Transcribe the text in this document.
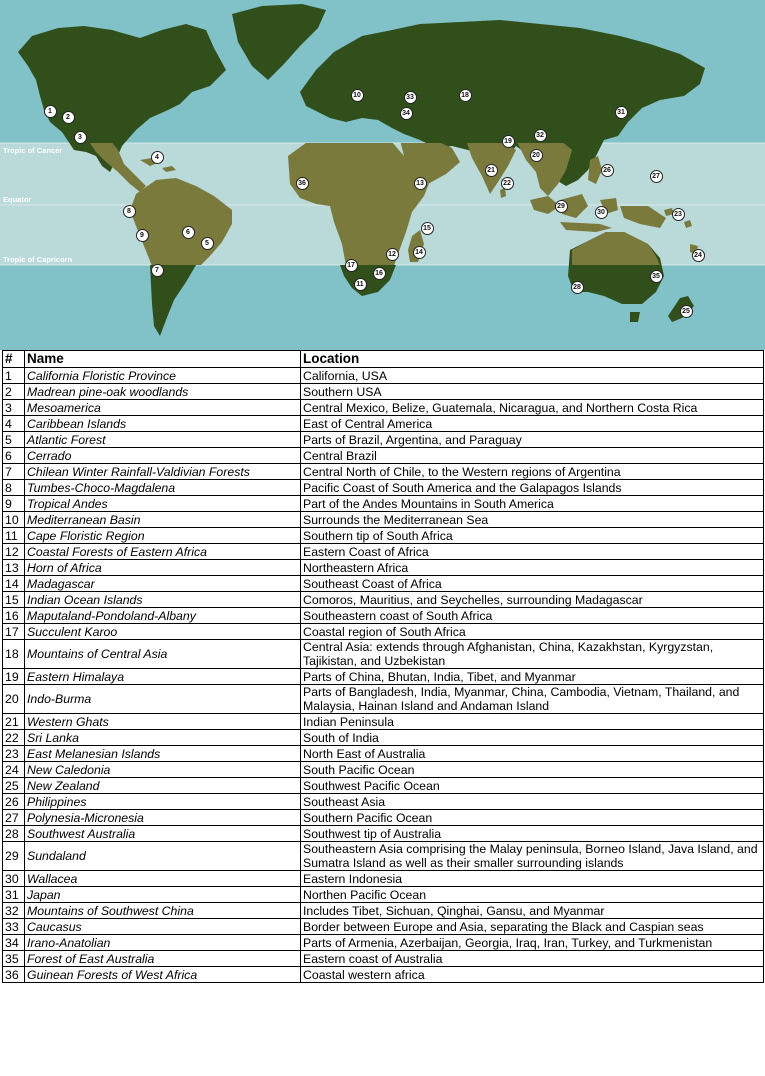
Tropic of Cancer
Equator
Tropic of Capricorn
1
2
3
4
5
6
7
8
9
10
11
12
13
14
15
16
17
18
19
20
21
22
23
24
25
26
27
28
29
30
31
32
33
34
35
36
#	Name	Location
1	California Floristic Province	California, USA
2	Madrean pine-oak woodlands	Southern USA
3	Mesoamerica	Central Mexico, Belize, Guatemala, Nicaragua, and Northern Costa Rica
4	Caribbean Islands	East of Central America
5	Atlantic Forest	Parts of Brazil, Argentina, and Paraguay
6	Cerrado	Central Brazil
7	Chilean Winter Rainfall-Valdivian Forests	Central North of Chile, to the Western regions of Argentina
8	Tumbes-Choco-Magdalena	Pacific Coast of South America and the Galapagos Islands
9	Tropical Andes	Part of the Andes Mountains in South America
10	Mediterranean Basin	Surrounds the Mediterranean Sea
11	Cape Floristic Region	Southern tip of South Africa
12	Coastal Forests of Eastern Africa	Eastern Coast of Africa
13	Horn of Africa	Northeastern Africa
14	Madagascar	Southeast Coast of Africa
15	Indian Ocean Islands	Comoros, Mauritius, and Seychelles, surrounding Madagascar
16	Maputaland-Pondoland-Albany	Southeastern coast of South Africa
17	Succulent Karoo	Coastal region of South Africa
18	Mountains of Central Asia	Central Asia: extends through Afghanistan, China, Kazakhstan, Kyrgyzstan, Tajikistan, and Uzbekistan
19	Eastern Himalaya	Parts of China, Bhutan, India, Tibet, and Myanmar
20	Indo-Burma	Parts of Bangladesh, India, Myanmar, China, Cambodia, Vietnam, Thailand, and Malaysia, Hainan Island and Andaman Island
21	Western Ghats	Indian Peninsula
22	Sri Lanka	South of India
23	East Melanesian Islands	North East of Australia
24	New Caledonia	South Pacific Ocean
25	New Zealand	Southwest Pacific Ocean
26	Philippines	Southeast Asia
27	Polynesia-Micronesia	Southern Pacific Ocean
28	Southwest Australia	Southwest tip of Australia
29	Sundaland	Southeastern Asia comprising the Malay peninsula, Borneo Island, Java Island, and Sumatra Island as well as their smaller surrounding islands
30	Wallacea	Eastern Indonesia
31	Japan	Northen Pacific Ocean
32	Mountains of Southwest China	Includes Tibet, Sichuan, Qinghai, Gansu, and Myanmar
33	Caucasus	Border between Europe and Asia, separating the Black and Caspian seas
34	Irano-Anatolian	Parts of Armenia, Azerbaijan, Georgia, Iraq, Iran, Turkey, and Turkmenistan
35	Forest of East Australia	Eastern coast of Australia
36	Guinean Forests of West Africa	Coastal western africa
